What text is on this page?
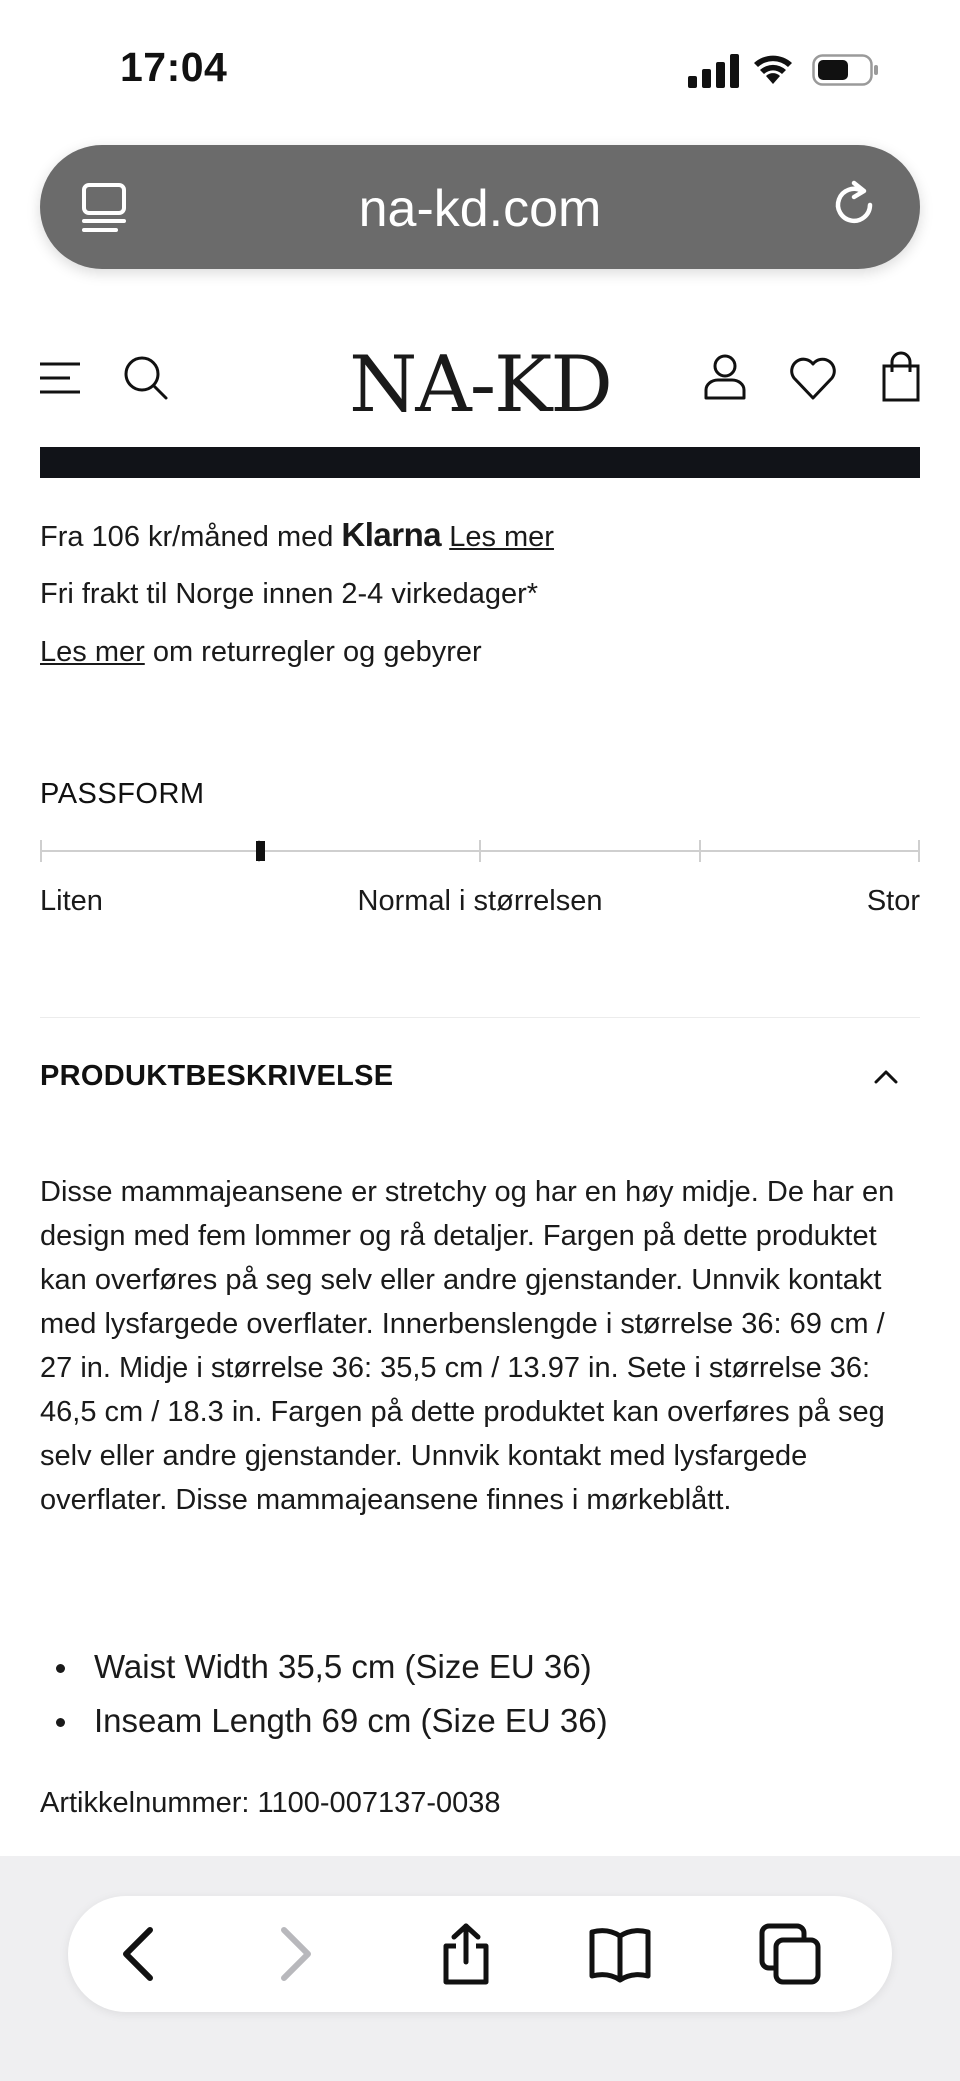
17:04
na-kd.com
NA-KD
Fra 106 kr/måned med Klarna Les mer
Fri frakt til Norge innen 2-4 virkedager*
Les mer om returregler og gebyrer
PASSFORM
Liten	Normal i størrelsen	Stor
PRODUKTBESKRIVELSE
Disse mammajeansene er stretchy og har en høy midje. De har en design med fem lommer og rå detaljer. Fargen på dette produktet kan overføres på seg selv eller andre gjenstander. Unnvik kontakt med lysfargede overflater. Innerbenslengde i størrelse 36: 69 cm / 27 in. Midje i størrelse 36: 35,5 cm / 13.97 in. Sete i størrelse 36: 46,5 cm / 18.3 in. Fargen på dette produktet kan overføres på seg selv eller andre gjenstander. Unnvik kontakt med lysfargede overflater. Disse mammajeansene finnes i mørkeblått.
Waist Width 35,5 cm (Size EU 36)
Inseam Length 69 cm (Size EU 36)
Artikkelnummer: 1100-007137-0038
